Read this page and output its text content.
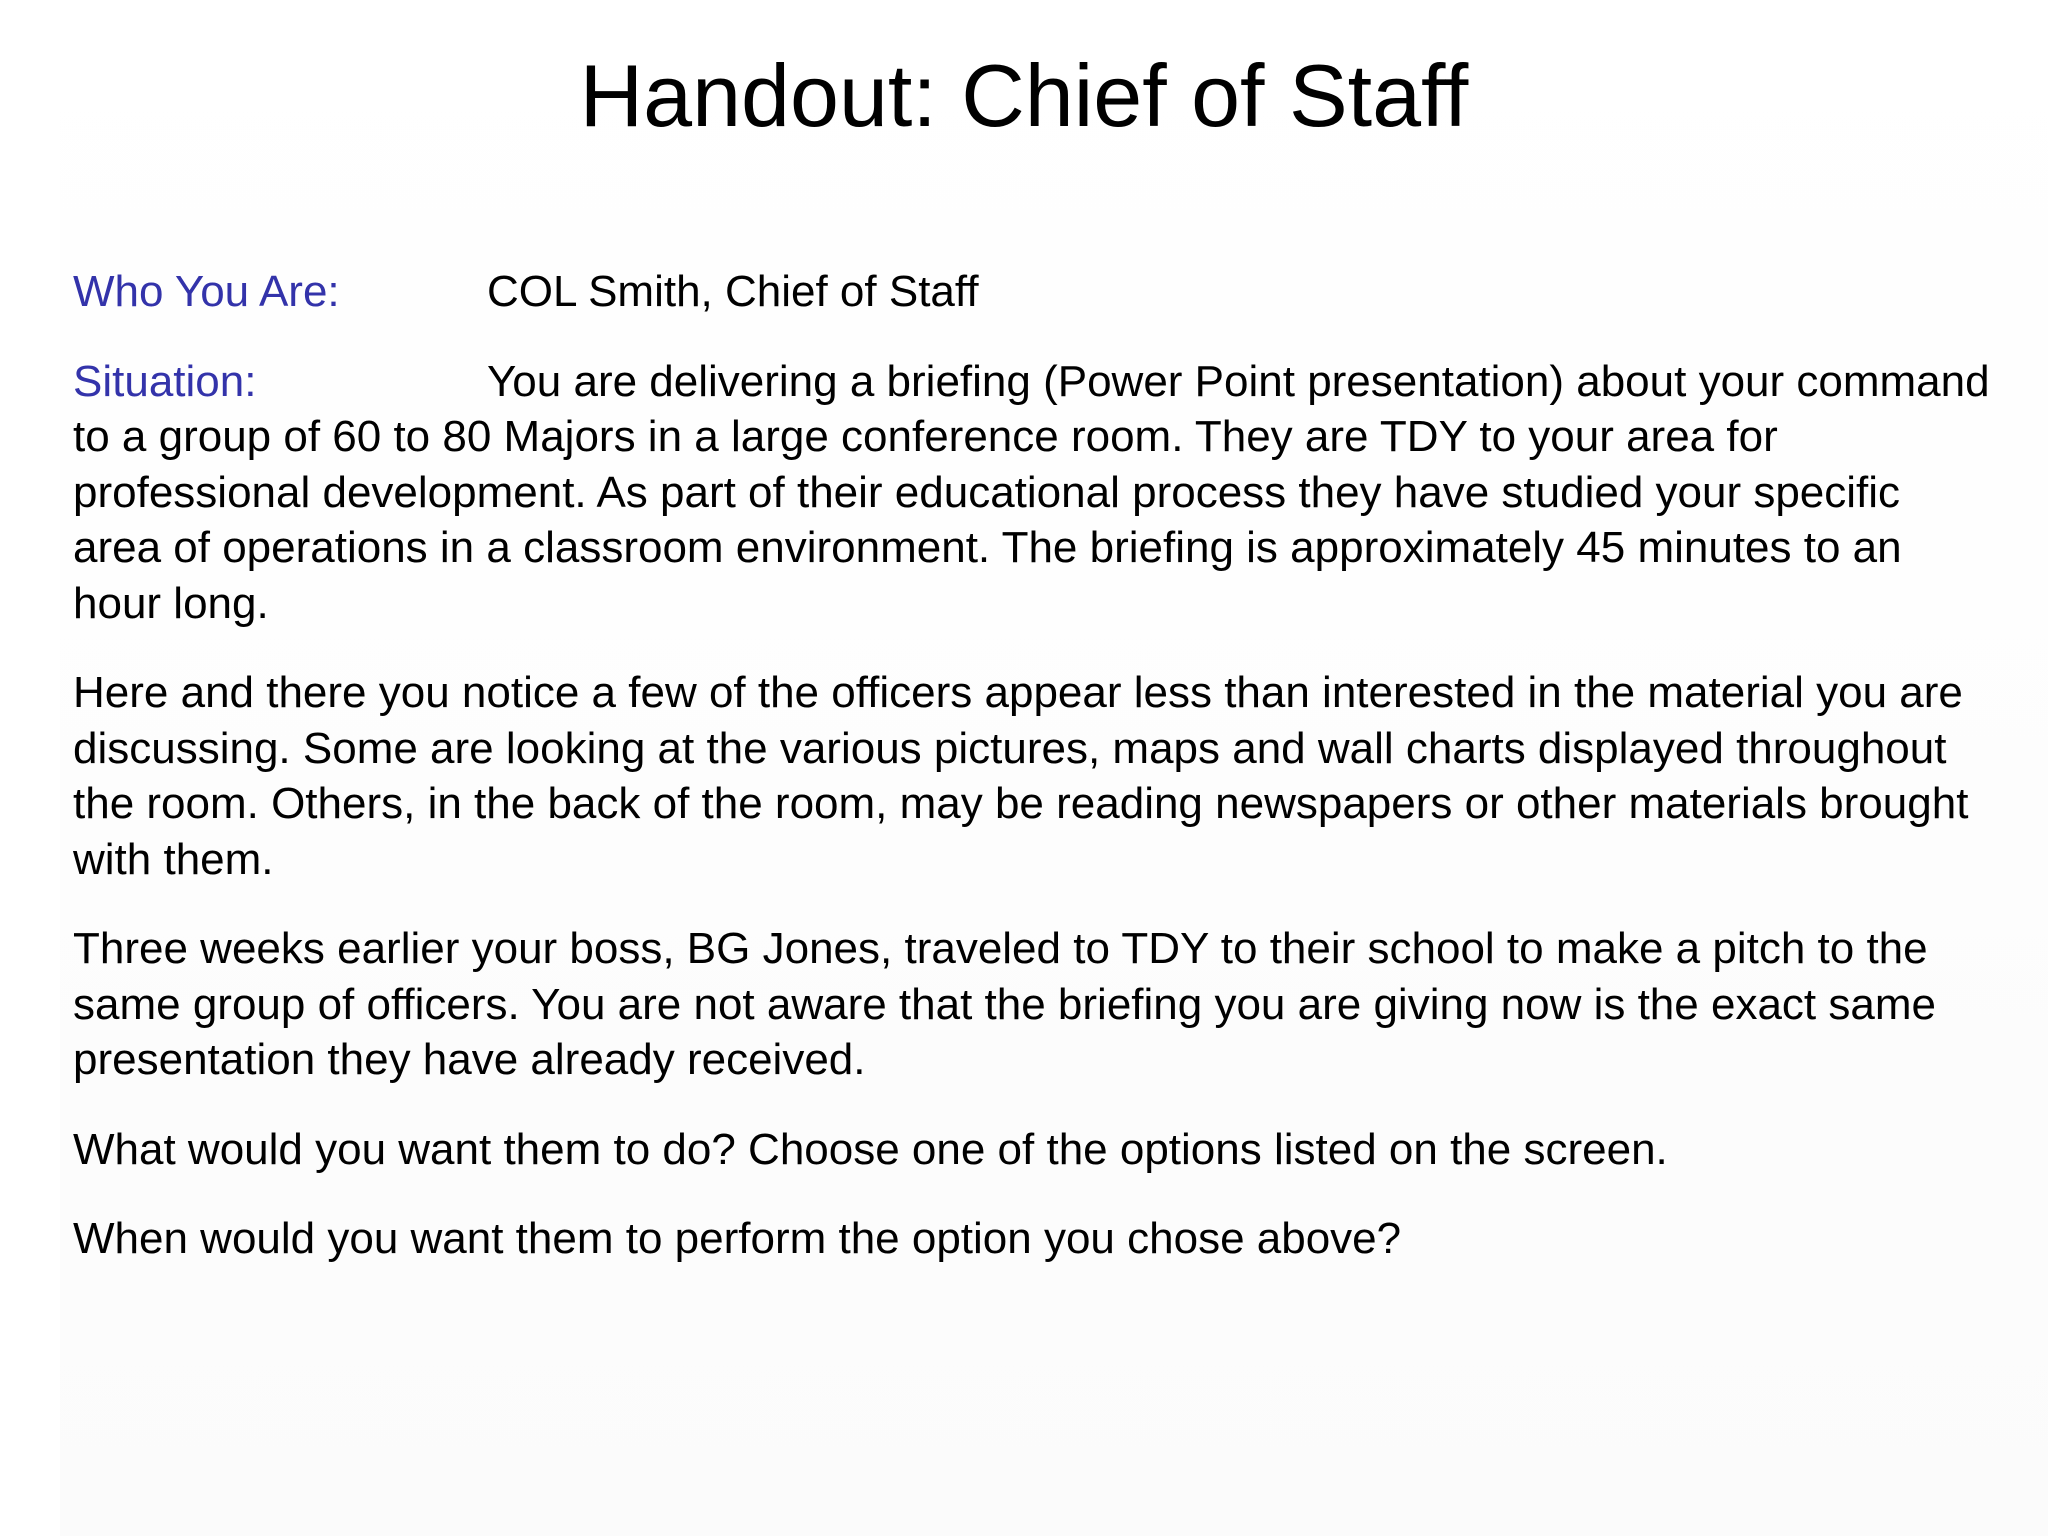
Handout: Chief of Staff
Who You Are:	COL Smith, Chief of Staff
Situation:	You are delivering a briefing (Power Point presentation) about your command to a group of 60 to 80 Majors in a large conference room. They are TDY to your area for professional development. As part of their educational process they have studied your specific area of operations in a classroom environment. The briefing is approximately 45 minutes to an hour long.
Here and there you notice a few of the officers appear less than interested in the material you are discussing. Some are looking at the various pictures, maps and wall charts displayed throughout the room. Others, in the back of the room, may be reading newspapers or other materials brought with them.
Three weeks earlier your boss, BG Jones, traveled to TDY to their school to make a pitch to the same group of officers. You are not aware that the briefing you are giving now is the exact same presentation they have already received.
What would you want them to do? Choose one of the options listed on the screen.
When would you want them to perform the option you chose above?
